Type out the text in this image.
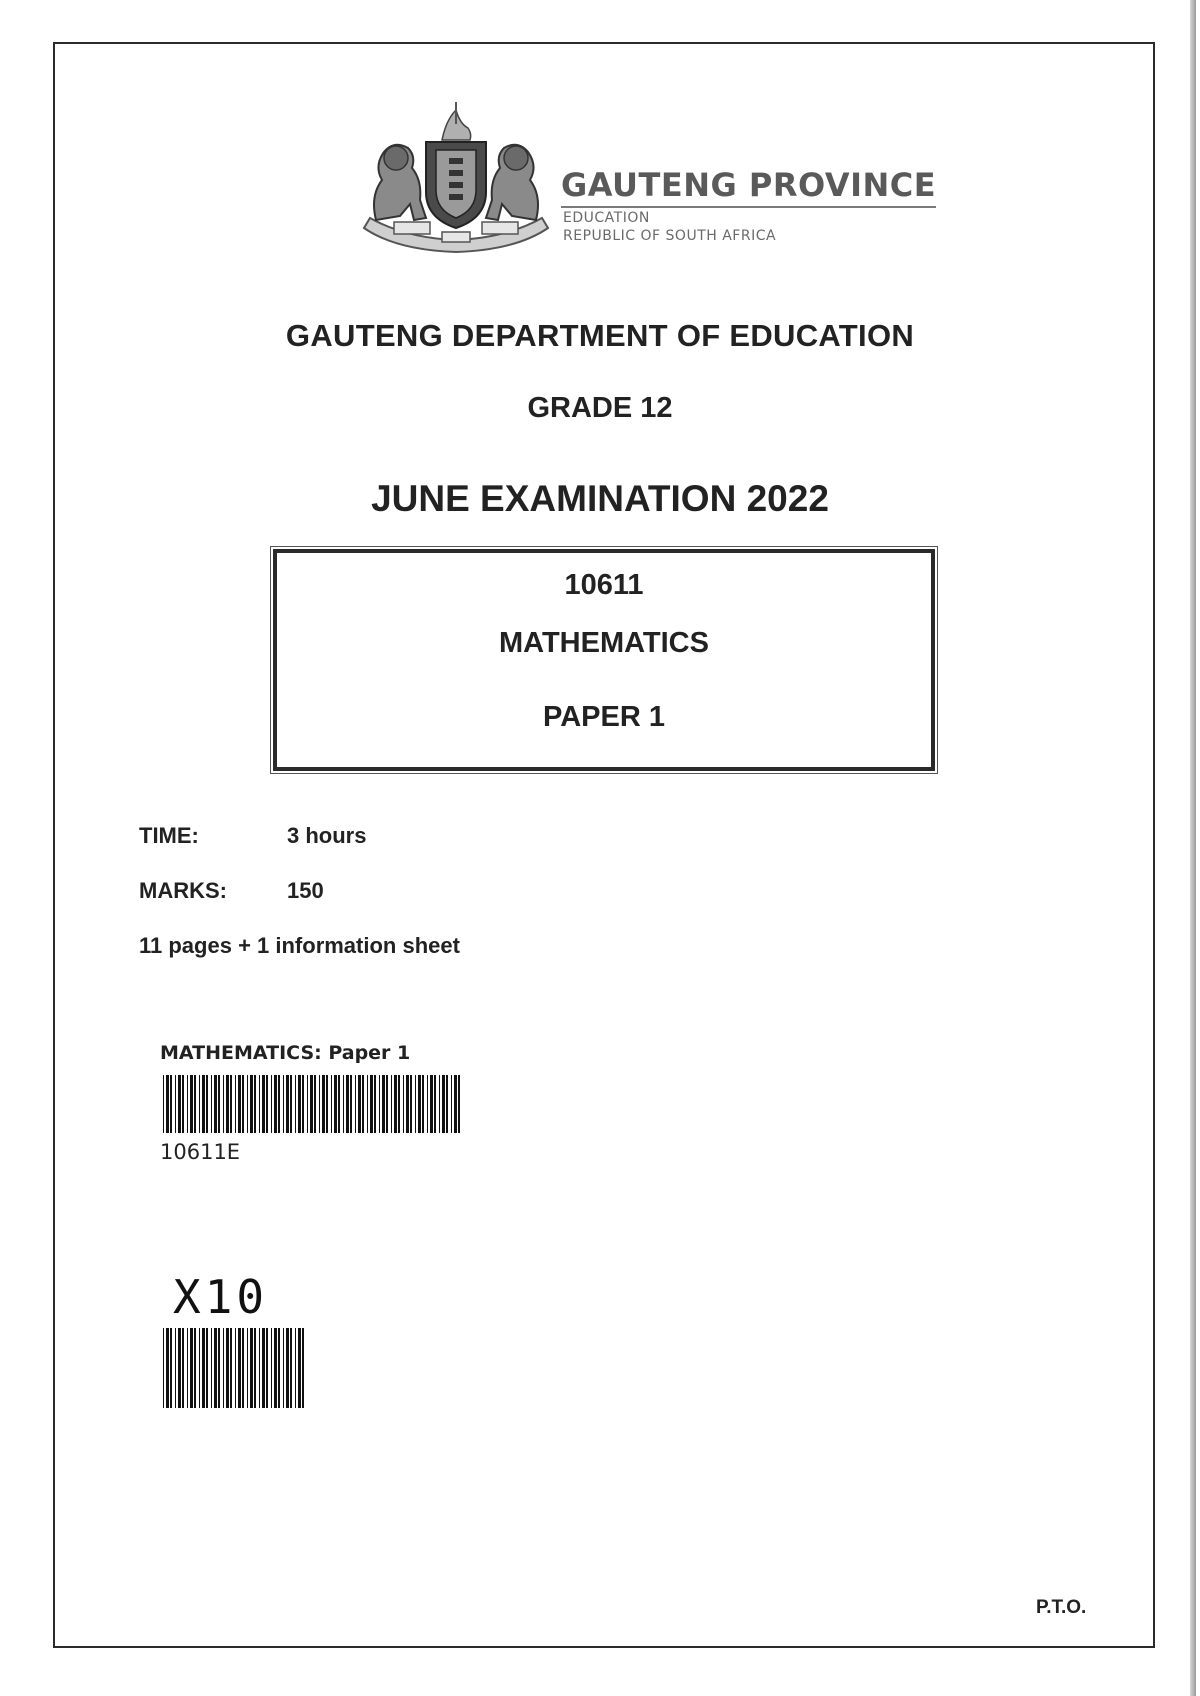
GAUTENG PROVINCE
EDUCATION
REPUBLIC OF SOUTH AFRICA
GAUTENG DEPARTMENT OF EDUCATION
GRADE 12
JUNE EXAMINATION 2022
10611
MATHEMATICS
PAPER 1
TIME:	3 hours
MARKS:	150
11 pages + 1 information sheet
MATHEMATICS: Paper 1
10611E
X10
P.T.O.
